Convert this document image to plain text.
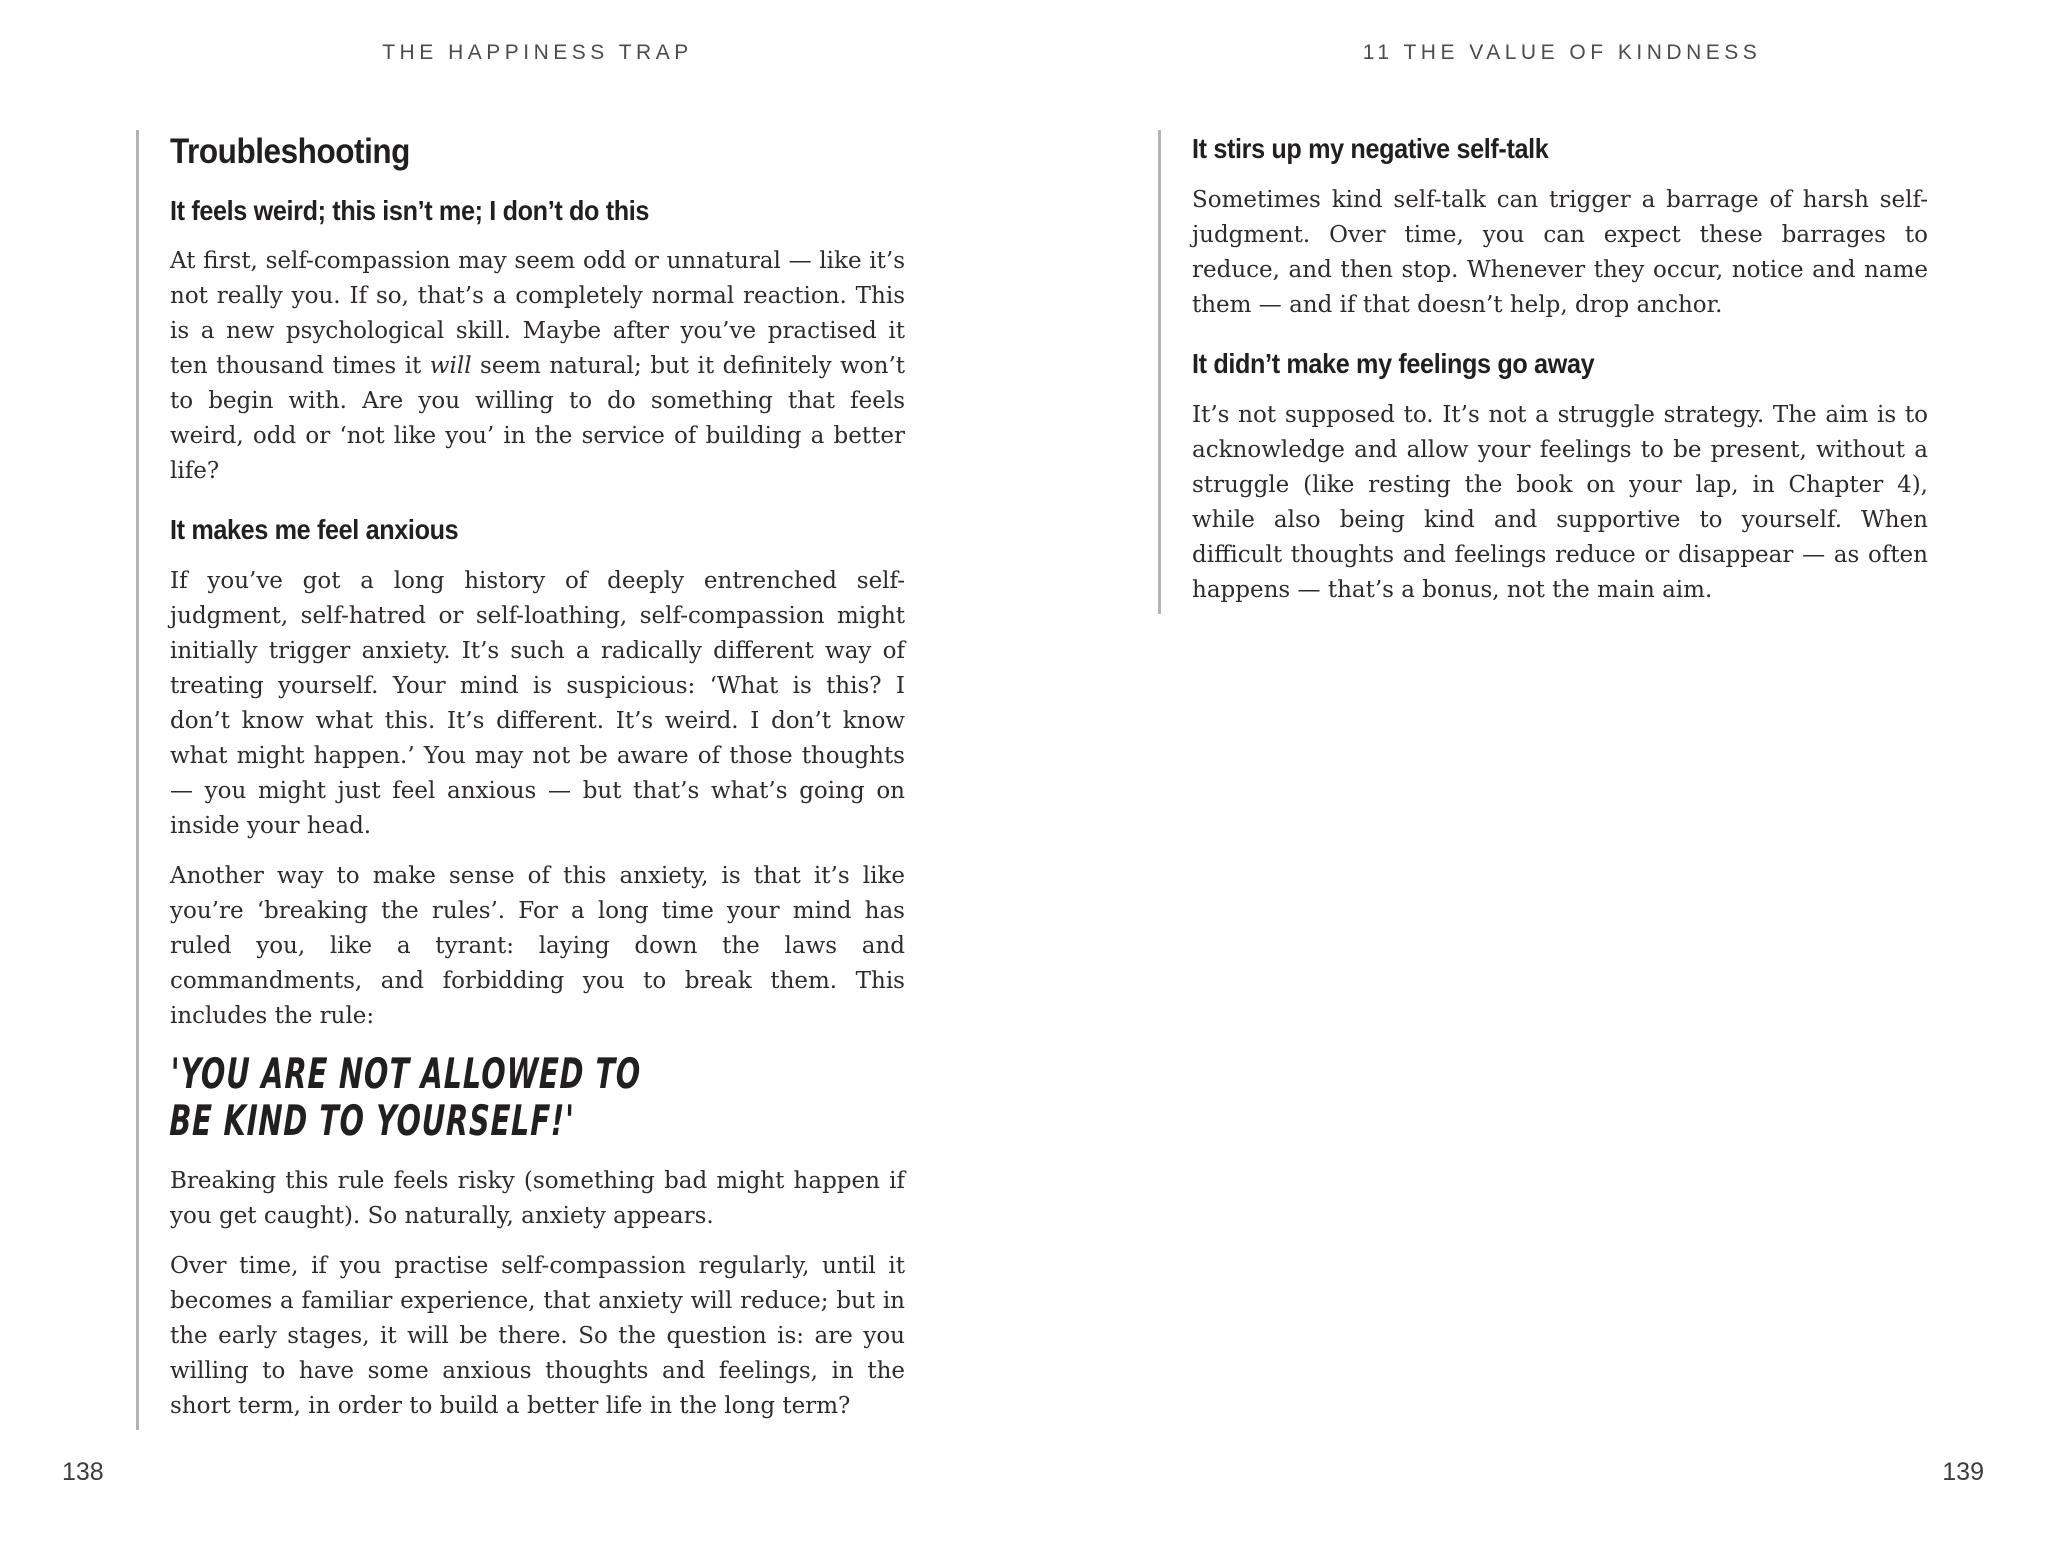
THE HAPPINESS TRAP
Troubleshooting
It feels weird; this isn’t me; I don’t do this

At first, self-compassion may seem odd or unnatural — like it’s not really you. If so, that’s a completely normal reaction. This is a new psychological skill. Maybe after you’ve practised it ten thousand times it will seem natural; but it definitely won’t to begin with. Are you willing to do something that feels weird, odd or ‘not like you’ in the service of building a better life?

It makes me feel anxious

If you’ve got a long history of deeply entrenched self-judgment, self-hatred or self-loathing, self-compassion might initially trigger anxiety. It’s such a radically different way of treating yourself. Your mind is suspicious: ‘What is this? I don’t know what this. It’s different. It’s weird. I don’t know what might happen.’ You may not be aware of those thoughts — you might just feel anxious — but that’s what’s going on inside your head.

Another way to make sense of this anxiety, is that it’s like you’re ‘breaking the rules’. For a long time your mind has ruled you, like a tyrant: laying down the laws and commandments, and forbidding you to break them. This includes the rule:

'YOU ARE NOT ALLOWED TO
BE KIND TO YOURSELF!'

Breaking this rule feels risky (something bad might happen if you get caught). So naturally, anxiety appears.

Over time, if you practise self-compassion regularly, until it becomes a familiar experience, that anxiety will reduce; but in the early stages, it will be there. So the question is: are you willing to have some anxious thoughts and feelings, in the short term, in order to build a better life in the long term?

138
11 THE VALUE OF KINDNESS
It stirs up my negative self-talk

Sometimes kind self-talk can trigger a barrage of harsh self-judgment. Over time, you can expect these barrages to reduce, and then stop. Whenever they occur, notice and name them — and if that doesn’t help, drop anchor.

It didn’t make my feelings go away

It’s not supposed to. It’s not a struggle strategy. The aim is to acknowledge and allow your feelings to be present, without a struggle (like resting the book on your lap, in Chapter 4), while also being kind and supportive to yourself. When difficult thoughts and feelings reduce or disappear — as often happens — that’s a bonus, not the main aim.

139
